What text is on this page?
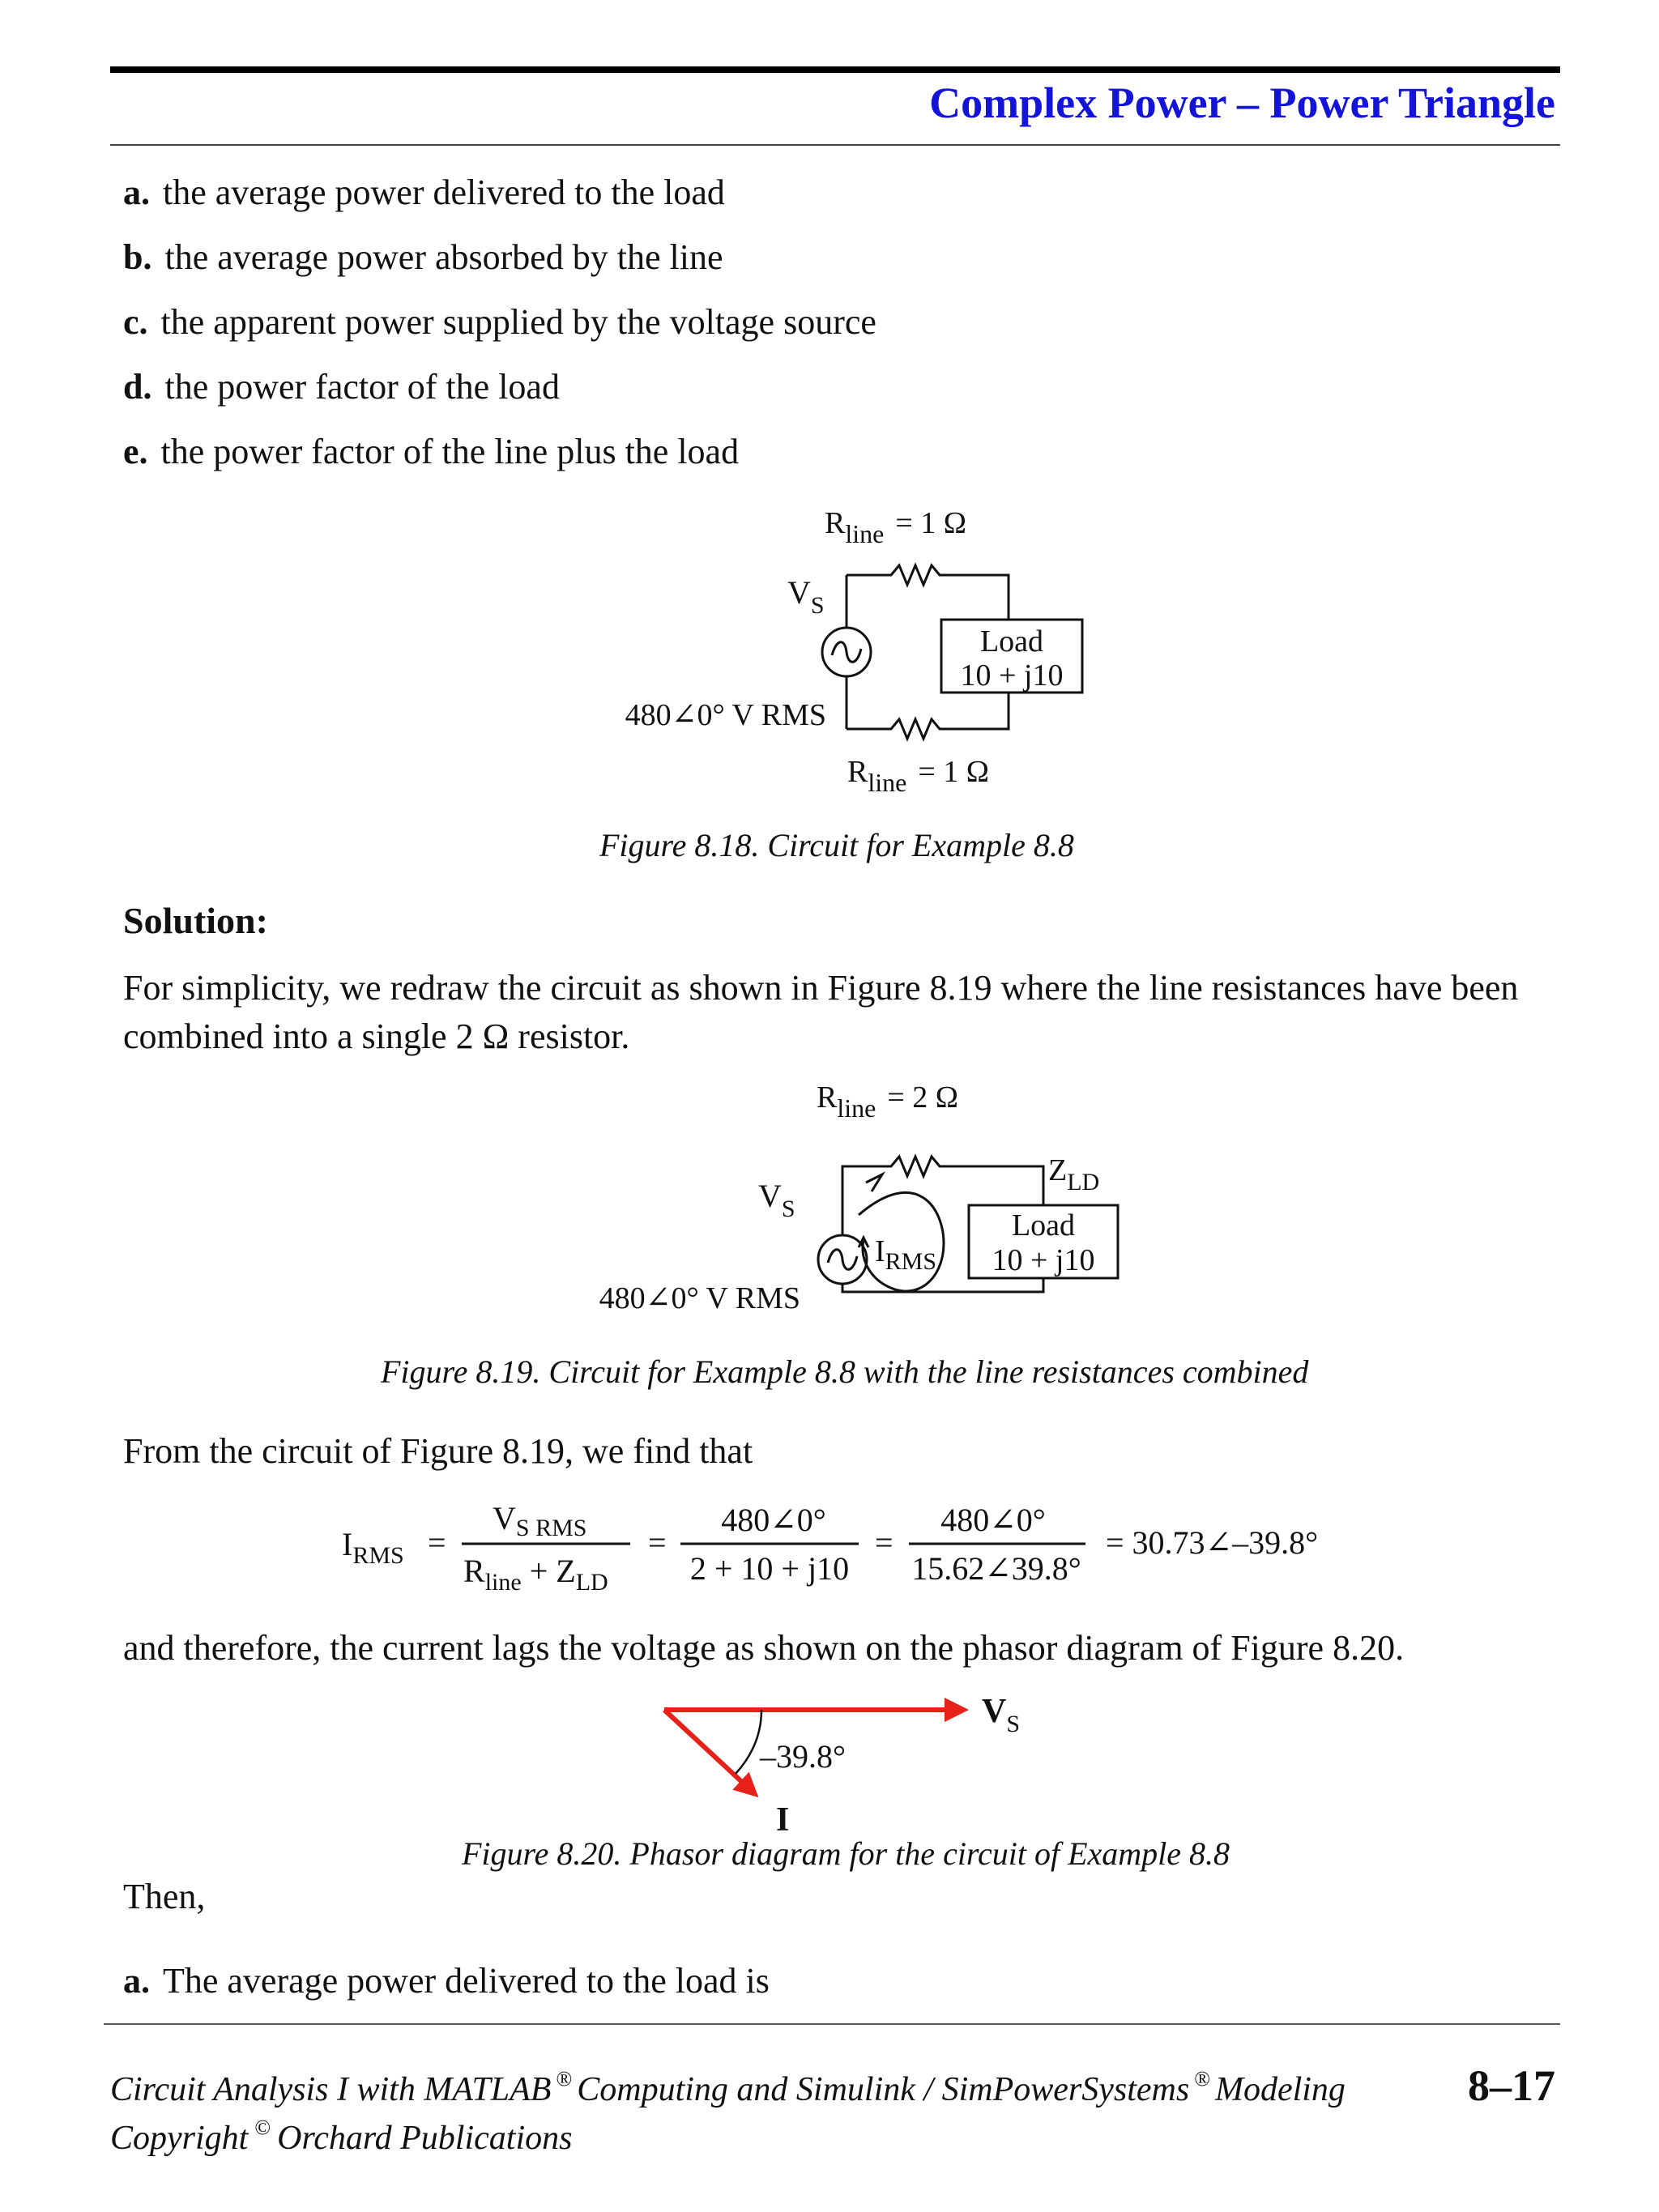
Complex Power – Power Triangle
a. the average power delivered to the load
b. the average power absorbed by the line
c. the apparent power supplied by the voltage source
d. the power factor of the load
e. the power factor of the line plus the load
$R_{line} = 1$ Ω
$V_S$
Load
10 + j10
480∠0° V RMS
$R_{line} = 1$ Ω
Figure 8.18. Circuit for Example 8.8
Solution:
For simplicity, we redraw the circuit as shown in Figure 8.19 where the line resistances have been combined into a single 2 Ω resistor.
$R_{line} = 2$ Ω
$Z_{LD}$
$V_S$
$I_{RMS}$
Load
10 + j10
480∠0° V RMS
Figure 8.19. Circuit for Example 8.8 with the line resistances combined
From the circuit of Figure 8.19, we find that
$I_{RMS}$ =
$V_{S RMS}$
$R_{line} + Z_{LD}$
=
480∠0°
2 + 10 + j10
=
480∠0°
15.62∠39.8°
= 30.73∠–39.8°
and therefore, the current lags the voltage as shown on the phasor diagram of Figure 8.20.
$V_S$
–39.8°
I
Figure 8.20. Phasor diagram for the circuit of Example 8.8
Then,
a. The average power delivered to the load is
Circuit Analysis I with MATLAB ® Computing and Simulink / SimPowerSystems ® Modeling
Copyright © Orchard Publications
8–17
